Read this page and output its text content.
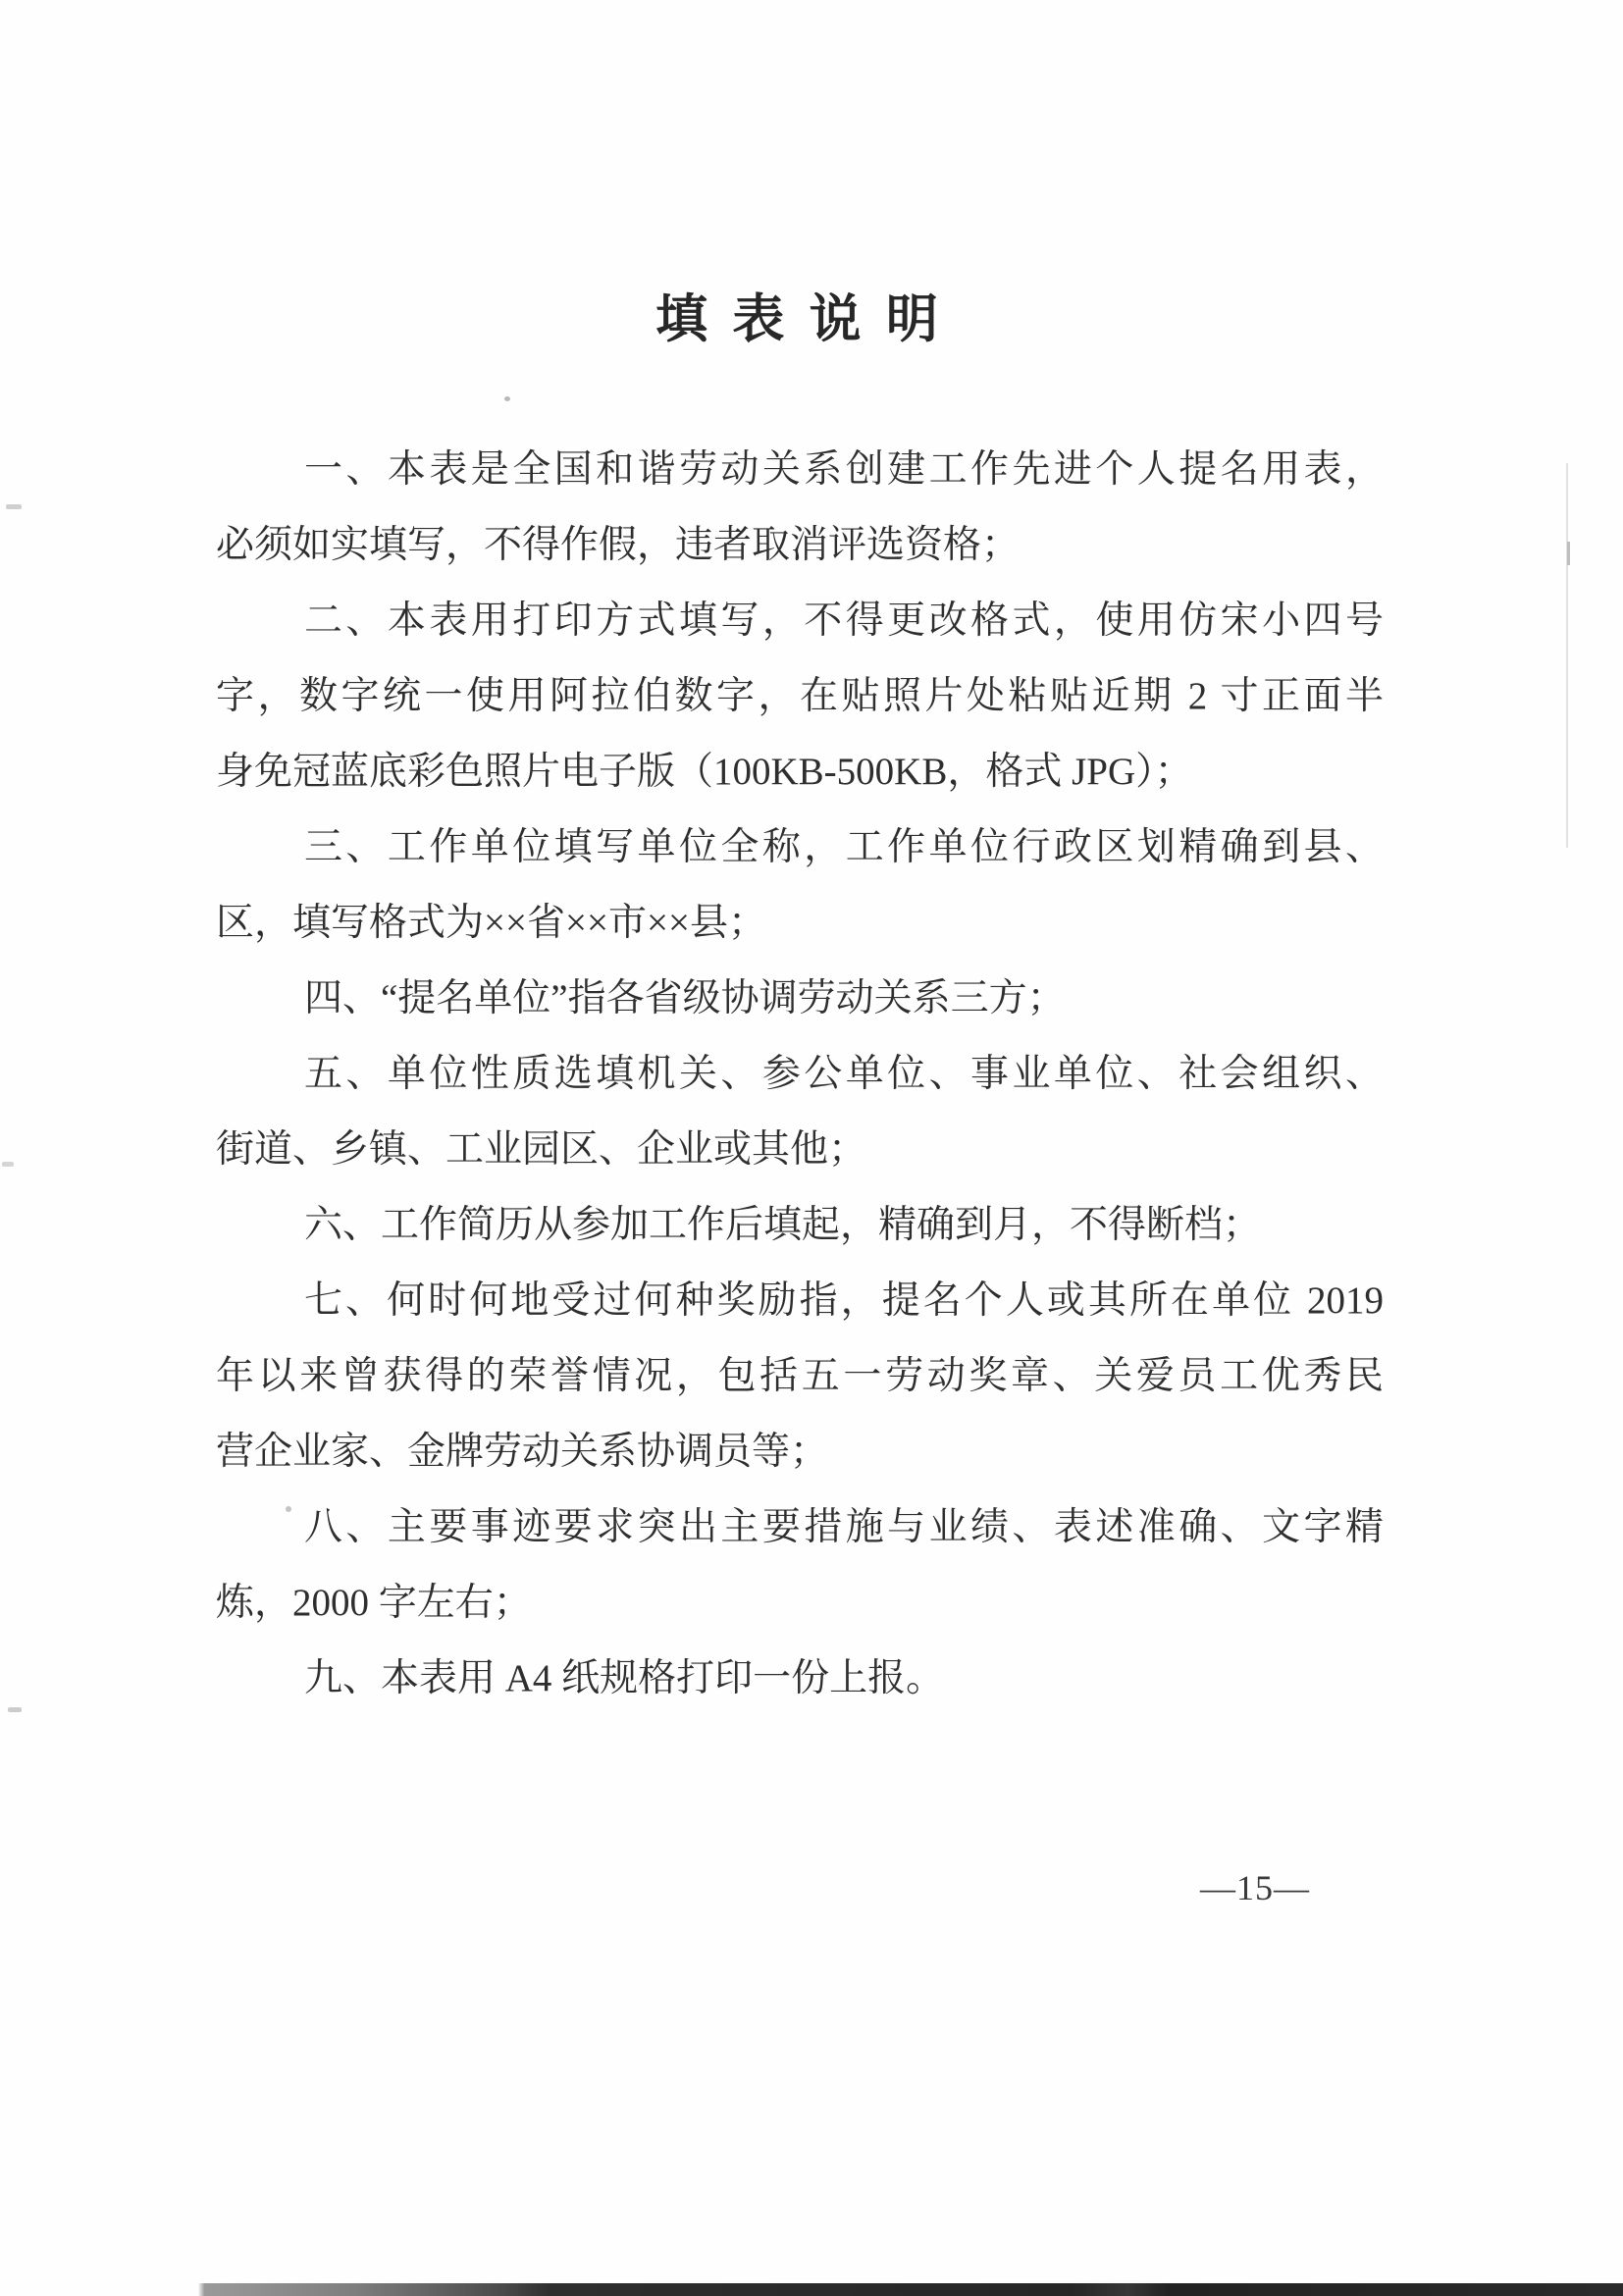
填 表 说 明

一、本表是全国和谐劳动关系创建工作先进个人提名用表，

必须如实填写，不得作假，违者取消评选资格；

二、本表用打印方式填写，不得更改格式，使用仿宋小四号

字，数字统一使用阿拉伯数字，在贴照片处粘贴近期 2 寸正面半

身免冠蓝底彩色照片电子版（100KB-500KB，格式 JPG）；

三、工作单位填写单位全称，工作单位行政区划精确到县、

区，填写格式为××省××市××县；

四、“提名单位”指各省级协调劳动关系三方；

五、单位性质选填机关、参公单位、事业单位、社会组织、

街道、乡镇、工业园区、企业或其他；

六、工作简历从参加工作后填起，精确到月，不得断档；

七、何时何地受过何种奖励指，提名个人或其所在单位 2019

年以来曾获得的荣誉情况，包括五一劳动奖章、关爱员工优秀民

营企业家、金牌劳动关系协调员等；

八、主要事迹要求突出主要措施与业绩、表述准确、文字精

炼，2000 字左右；

九、本表用 A4 纸规格打印一份上报。

—15—
